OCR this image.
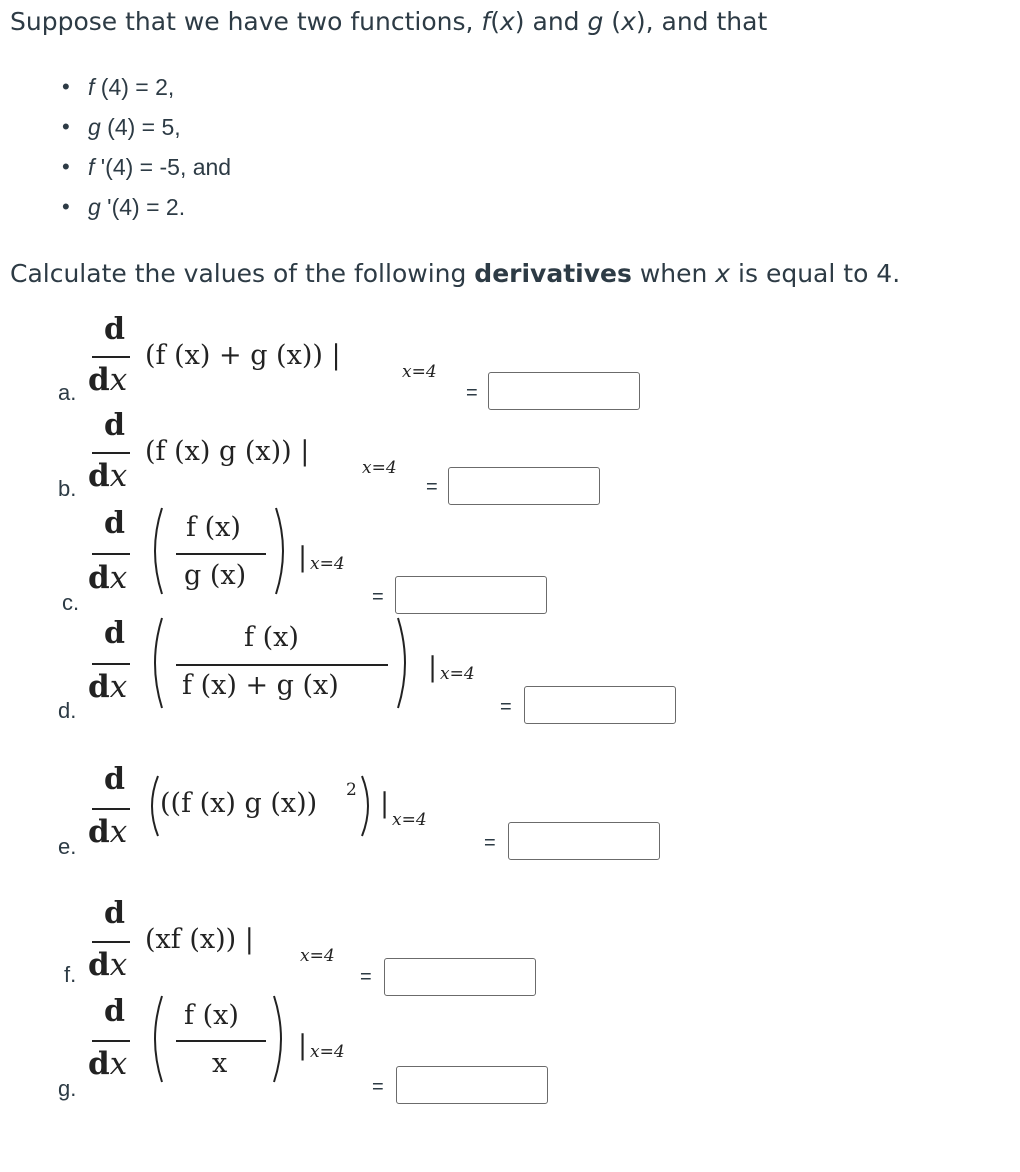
Suppose that we have two functions, f(x) and g (x), and that
• f (4) = 2,
• g (4) = 5,
• f '(4) = -5, and
• g '(4) = 2.
Calculate the values of the following derivatives when x is equal to 4.
a.
d
dx
(f (x) + g (x)) |
x=4
=
b.
d
dx
(f (x) g (x)) |
x=4
=
c.
d
dx
f (x)
g (x)
| x=4
=
d.
d
dx
f (x)
f (x) + g (x)
| x=4
=
e.
d
dx
((f (x) g (x)) 2 |
x=4
=
f.
d
dx
(xf (x)) |
x=4
=
g.
d
dx
f (x)
x
| x=4
=
